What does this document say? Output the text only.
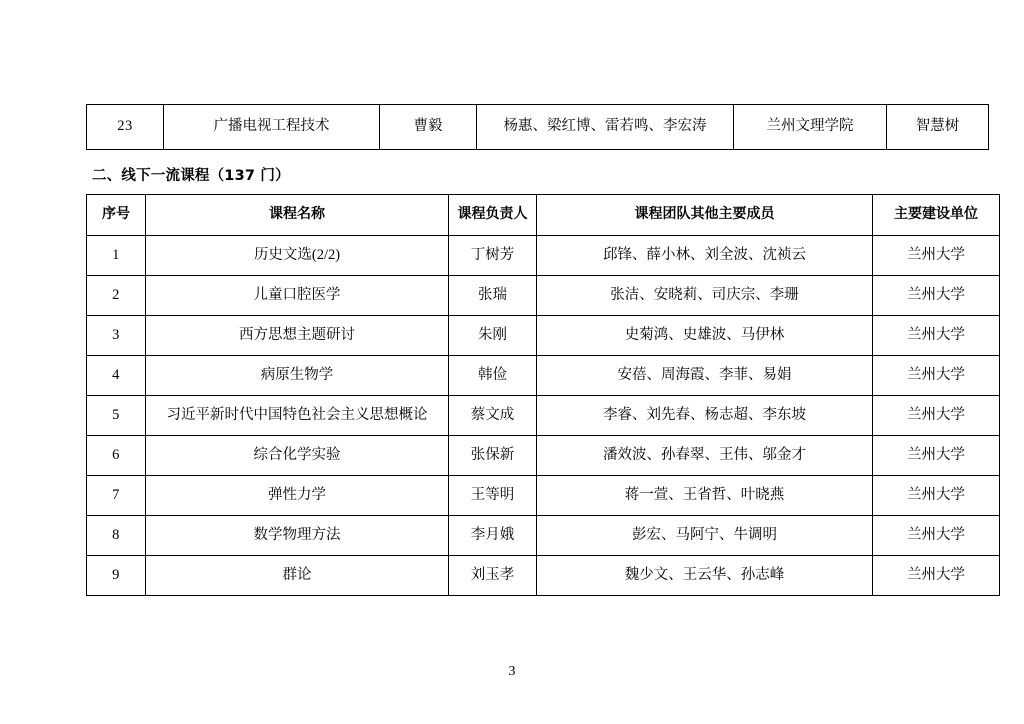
23	广播电视工程技术	曹毅	杨惠、梁红博、雷若鸣、李宏涛	兰州文理学院	智慧树
二、线下一流课程（137 门）
序号	课程名称	课程负责人	课程团队其他主要成员	主要建设单位
1	历史文选(2/2)	丁树芳	邱锋、薛小林、刘全波、沈祯云	兰州大学
2	儿童口腔医学	张瑞	张洁、安晓莉、司庆宗、李珊	兰州大学
3	西方思想主题研讨	朱刚	史菊鸿、史雄波、马伊林	兰州大学
4	病原生物学	韩俭	安蓓、周海霞、李菲、易娟	兰州大学
5	习近平新时代中国特色社会主义思想概论	蔡文成	李睿、刘先春、杨志超、李东坡	兰州大学
6	综合化学实验	张保新	潘效波、孙春翠、王伟、邬金才	兰州大学
7	弹性力学	王等明	蒋一萱、王省哲、叶晓燕	兰州大学
8	数学物理方法	李月娥	彭宏、马阿宁、牛调明	兰州大学
9	群论	刘玉孝	魏少文、王云华、孙志峰	兰州大学
3
